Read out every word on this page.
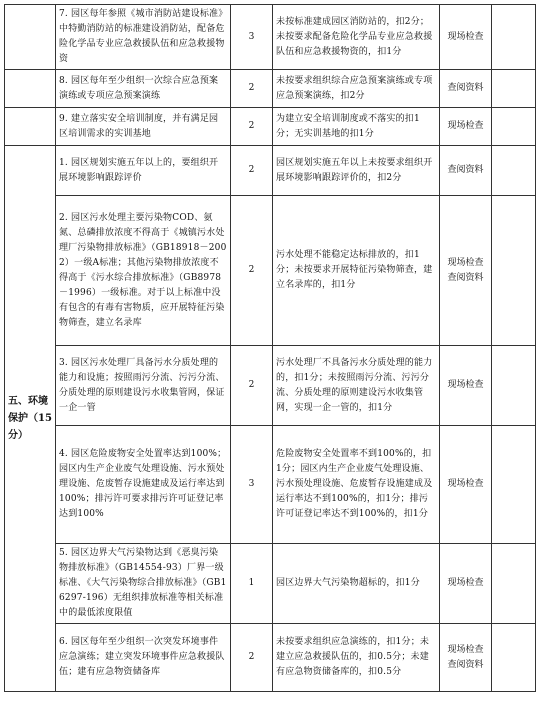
	7. 园区每年参照《城市消防站建设标准》中特勤消防站的标准建设消防站，配备危险化学品专业应急救援队伍和应急救援物资	3	未按标准建成园区消防站的，扣2分；未按要求配备危险化学品专业应急救援队伍和应急救援物资的，扣1分	现场检查	
	8. 园区每年至少组织一次综合应急预案演练或专项应急预案演练	2	未按要求组织综合应急预案演练或专项应急预案演练，扣2分	查阅资料	
	9. 建立落实安全培训制度，并有满足园区培训需求的实训基地	2	为建立安全培训制度或不落实的扣1分；无实训基地的扣1分	现场检查	
五、环境保护（15分）	1. 园区规划实施五年以上的，要组织开展环境影响跟踪评价	2	园区规划实施五年以上未按要求组织开展环境影响跟踪评价的，扣2分	查阅资料	
	2. 园区污水处理主要污染物COD、氨氮、总磷排放浓度不得高于《城镇污水处理厂污染物排放标准》（GB18918－2002）一级A标准；其他污染物排放浓度不得高于《污水综合排放标准》（GB8978－1996）一级标准。对于以上标准中没有包含的有毒有害物质，应开展特征污染物筛查，建立名录库	2	污水处理不能稳定达标排放的，扣1分；未按要求开展特征污染物筛查，建立名录库的，扣1分	现场检查 查阅资料	
	3. 园区污水处理厂具备污水分质处理的能力和设施；按照雨污分流、污污分流、分质处理的原则建设污水收集管网，保证一企一管	2	污水处理厂不具备污水分质处理的能力的，扣1分；未按照雨污分流、污污分流、分质处理的原则建设污水收集管网，实现一企一管的，扣1分	现场检查	
	4. 园区危险废物安全处置率达到100%；园区内生产企业废气处理设施、污水预处理设施、危废暂存设施建成及运行率达到100%；排污许可要求排污许可证登记率达到100%	3	危险废物安全处置率不到100%的，扣1分；园区内生产企业废气处理设施、污水预处理设施、危废暂存设施建成及运行率达不到100%的，扣1分；排污许可证登记率达不到100%的，扣1分	现场检查	
	5. 园区边界大气污染物达到《恶臭污染物排放标准》（GB14554-93）厂界一级标准、《大气污染物综合排放标准》（GB16297-196）无组织排放标准等相关标准中的最低浓度限值	1	园区边界大气污染物超标的，扣1分	现场检查	
	6. 园区每年至少组织一次突发环境事件应急演练；建立突发环境事件应急救援队伍；建有应急物资储备库	2	未按要求组织应急演练的，扣1分；未建立应急救援队伍的，扣0.5分；未建有应急物资储备库的，扣0.5分	现场检查 查阅资料	
